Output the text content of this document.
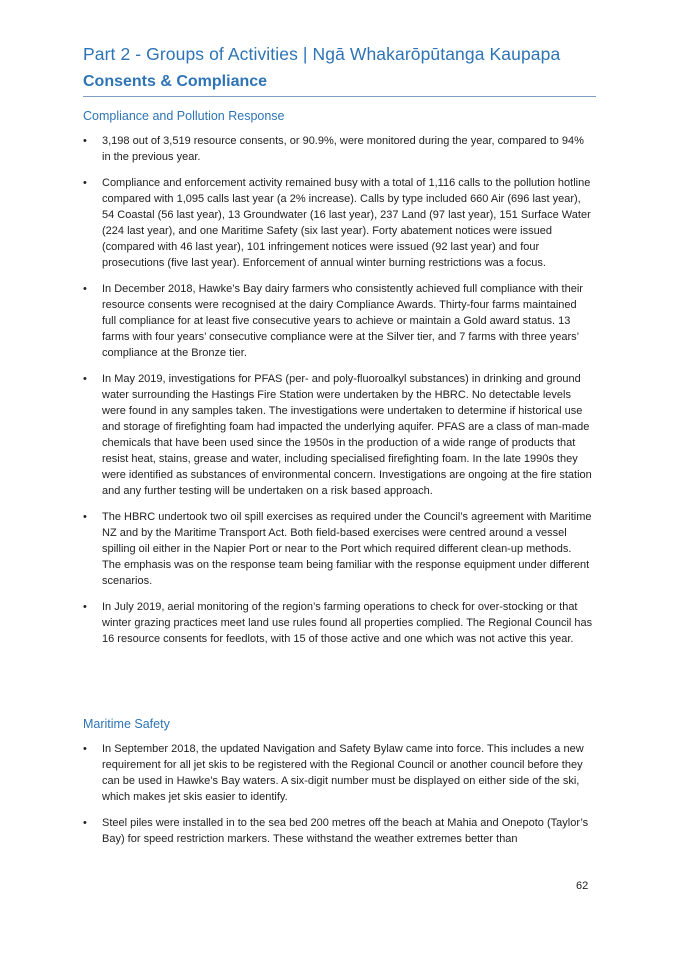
Part 2 - Groups of Activities | Ngā Whakarōpūtanga Kaupapa
Consents & Compliance
Compliance and Pollution Response
• 3,198 out of 3,519 resource consents, or 90.9%, were monitored during the year, compared to 94% in the previous year.
• Compliance and enforcement activity remained busy with a total of 1,116 calls to the pollution hotline compared with 1,095 calls last year (a 2% increase). Calls by type included 660 Air (696 last year), 54 Coastal (56 last year), 13 Groundwater (16 last year), 237 Land (97 last year), 151 Surface Water (224 last year), and one Maritime Safety (six last year). Forty abatement notices were issued (compared with 46 last year), 101 infringement notices were issued (92 last year) and four prosecutions (five last year). Enforcement of annual winter burning restrictions was a focus.
• In December 2018, Hawke’s Bay dairy farmers who consistently achieved full compliance with their resource consents were recognised at the dairy Compliance Awards. Thirty-four farms maintained full compliance for at least five consecutive years to achieve or maintain a Gold award status. 13 farms with four years’ consecutive compliance were at the Silver tier, and 7 farms with three years’ compliance at the Bronze tier.
• In May 2019, investigations for PFAS (per- and poly-fluoroalkyl substances) in drinking and ground water surrounding the Hastings Fire Station were undertaken by the HBRC. No detectable levels were found in any samples taken. The investigations were undertaken to determine if historical use and storage of firefighting foam had impacted the underlying aquifer. PFAS are a class of man-made chemicals that have been used since the 1950s in the production of a wide range of products that resist heat, stains, grease and water, including specialised firefighting foam. In the late 1990s they were identified as substances of environmental concern. Investigations are ongoing at the fire station and any further testing will be undertaken on a risk based approach.
• The HBRC undertook two oil spill exercises as required under the Council’s agreement with Maritime NZ and by the Maritime Transport Act. Both field-based exercises were centred around a vessel spilling oil either in the Napier Port or near to the Port which required different clean-up methods. The emphasis was on the response team being familiar with the response equipment under different scenarios.
• In July 2019, aerial monitoring of the region’s farming operations to check for over-stocking or that winter grazing practices meet land use rules found all properties complied. The Regional Council has 16 resource consents for feedlots, with 15 of those active and one which was not active this year.
Maritime Safety
• In September 2018, the updated Navigation and Safety Bylaw came into force. This includes a new requirement for all jet skis to be registered with the Regional Council or another council before they can be used in Hawke’s Bay waters. A six-digit number must be displayed on either side of the ski, which makes jet skis easier to identify.
• Steel piles were installed in to the sea bed 200 metres off the beach at Mahia and Onepoto (Taylor’s Bay) for speed restriction markers. These withstand the weather extremes better than
62
